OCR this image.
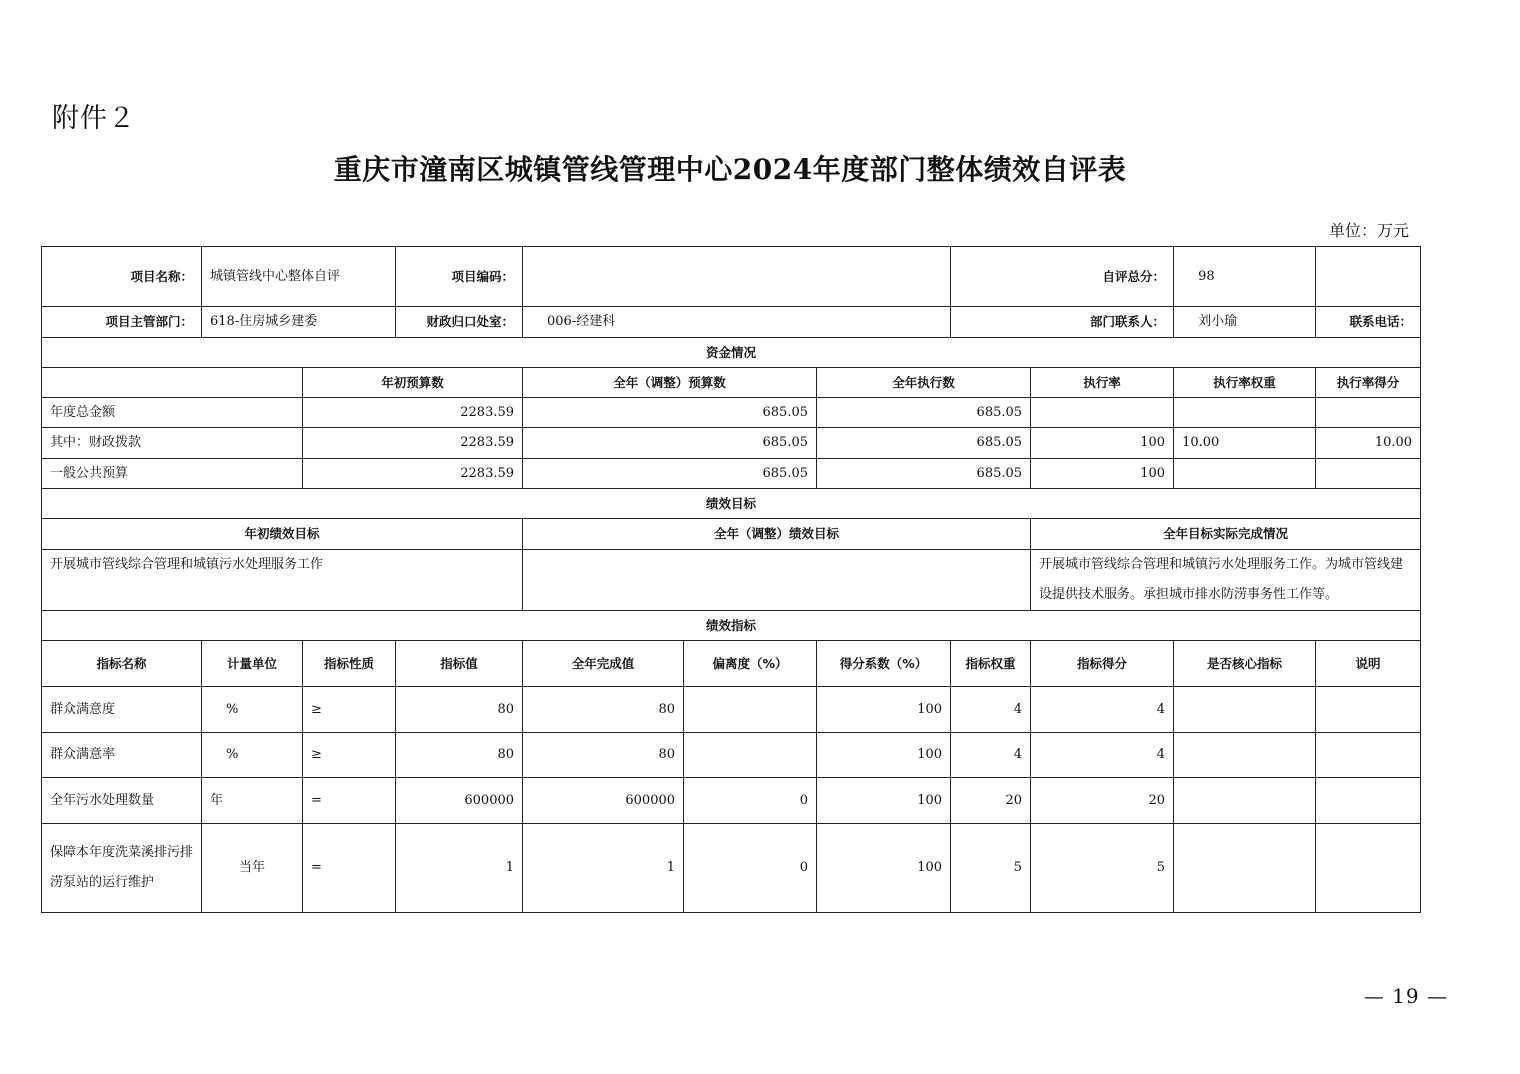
附件２
重庆市潼南区城镇管线管理中心2024年度部门整体绩效自评表
单位：万元
项目名称：	城镇管线中心整体自评		项目编码：				自评总分：		98		
项目主管部门：	618-住房城乡建委		财政归口处室：	006-经建科			部门联系人：		刘小瑜	联系电话：	
资金情况											
		年初预算数		全年（调整）预算数		全年执行数		执行率	执行率权重	执行率得分	
年度总金额		2283.59		685.05		685.05					
其中：财政拨款		2283.59		685.05		685.05		100	10.00	10.00	
一般公共预算		2283.59		685.05		685.05		100			
绩效目标											
年初绩效目标				全年（调整）绩效目标				全年目标实际完成情况			
开展城市管线综合管理和城镇污水处理服务工作								开展城市管线综合管理和城镇污水处理服务工作。为城市管线建设提供技术服务。承担城市排水防涝事务性工作等。			
绩效指标											
指标名称	计量单位	指标性质	指标值	全年完成值	偏离度（%）	得分系数（%）	指标权重	指标得分	是否核心指标	说明	
群众满意度	%	≥	80	80		100	4	4			
群众满意率	%	≥	80	80		100	4	4			
全年污水处理数量	年	=	600000	600000	0	100	20	20			
保障本年度洗菜溪排污排涝泵站的运行维护	当年	=	1	1	0	100	5	5			
— 19 —
